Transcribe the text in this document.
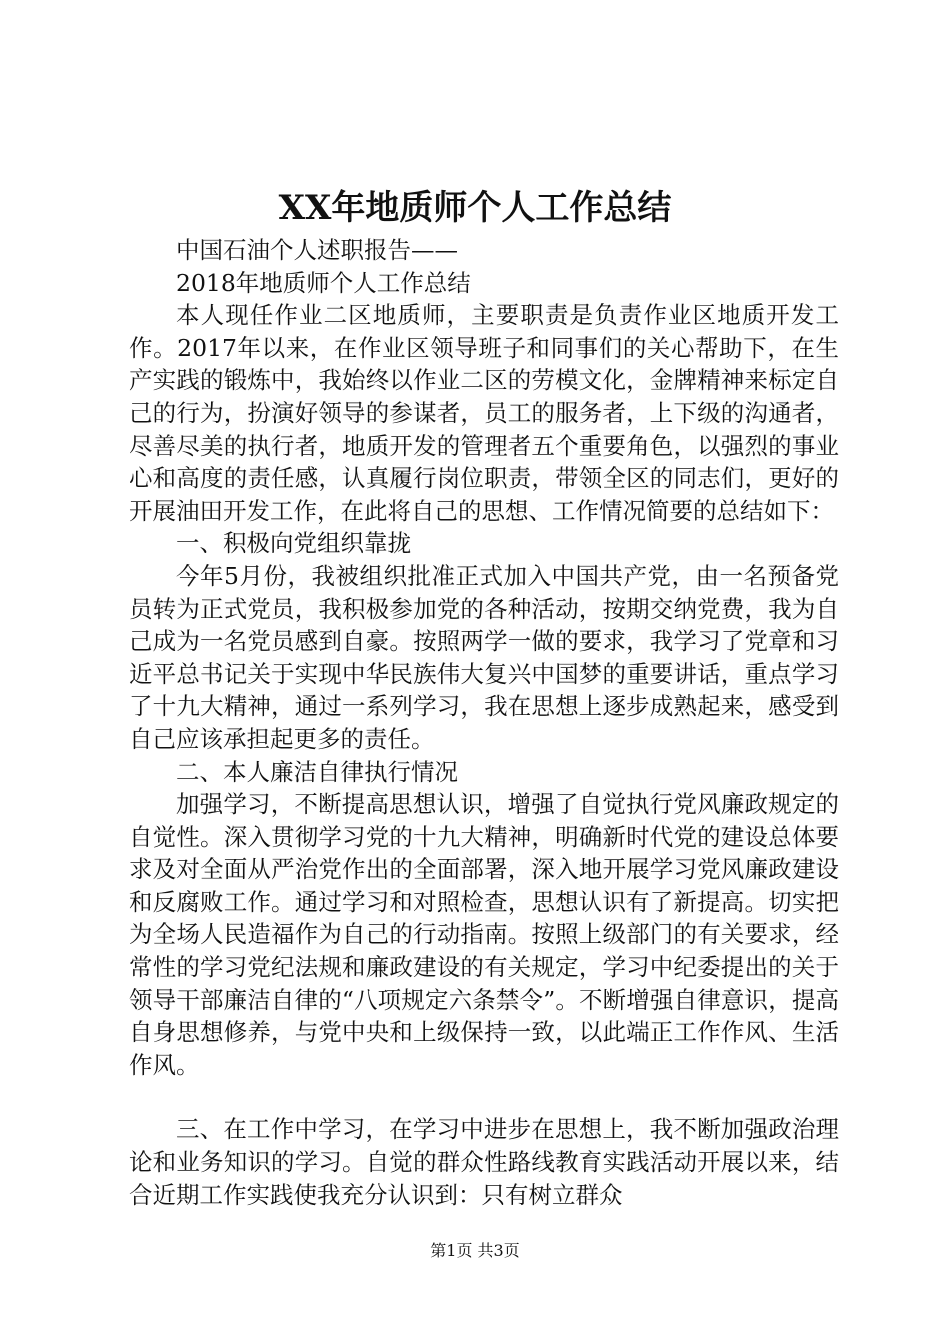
XX年地质师个人工作总结

中国石油个人述职报告——

2018年地质师个人工作总结

本人现任作业二区地质师，主要职责是负责作业区地质开发工作。2017年以来，在作业区领导班子和同事们的关心帮助下，在生产实践的锻炼中，我始终以作业二区的劳模文化，金牌精神来标定自己的行为，扮演好领导的参谋者，员工的服务者，上下级的沟通者，尽善尽美的执行者，地质开发的管理者五个重要角色，以强烈的事业心和高度的责任感，认真履行岗位职责，带领全区的同志们，更好的开展油田开发工作，在此将自己的思想、工作情况简要的总结如下：

一、积极向党组织靠拢

今年5月份，我被组织批准正式加入中国共产党，由一名预备党员转为正式党员，我积极参加党的各种活动，按期交纳党费，我为自己成为一名党员感到自豪。按照两学一做的要求，我学习了党章和习近平总书记关于实现中华民族伟大复兴中国梦的重要讲话，重点学习了十九大精神，通过一系列学习，我在思想上逐步成熟起来，感受到自己应该承担起更多的责任。

二、本人廉洁自律执行情况

加强学习，不断提高思想认识，增强了自觉执行党风廉政规定的自觉性。深入贯彻学习党的十九大精神，明确新时代党的建设总体要求及对全面从严治党作出的全面部署，深入地开展学习党风廉政建设和反腐败工作。通过学习和对照检查，思想认识有了新提高。切实把为全场人民造福作为自己的行动指南。按照上级部门的有关要求，经常性的学习党纪法规和廉政建设的有关规定，学习中纪委提出的关于领导干部廉洁自律的“八项规定六条禁令”。不断增强自律意识，提高自身思想修养，与党中央和上级保持一致，以此端正工作作风、生活作风。

三、在工作中学习，在学习中进步在思想上，我不断加强政治理论和业务知识的学习。自觉的群众性路线教育实践活动开展以来，结合近期工作实践使我充分认识到：只有树立群众

第1页 共3页
